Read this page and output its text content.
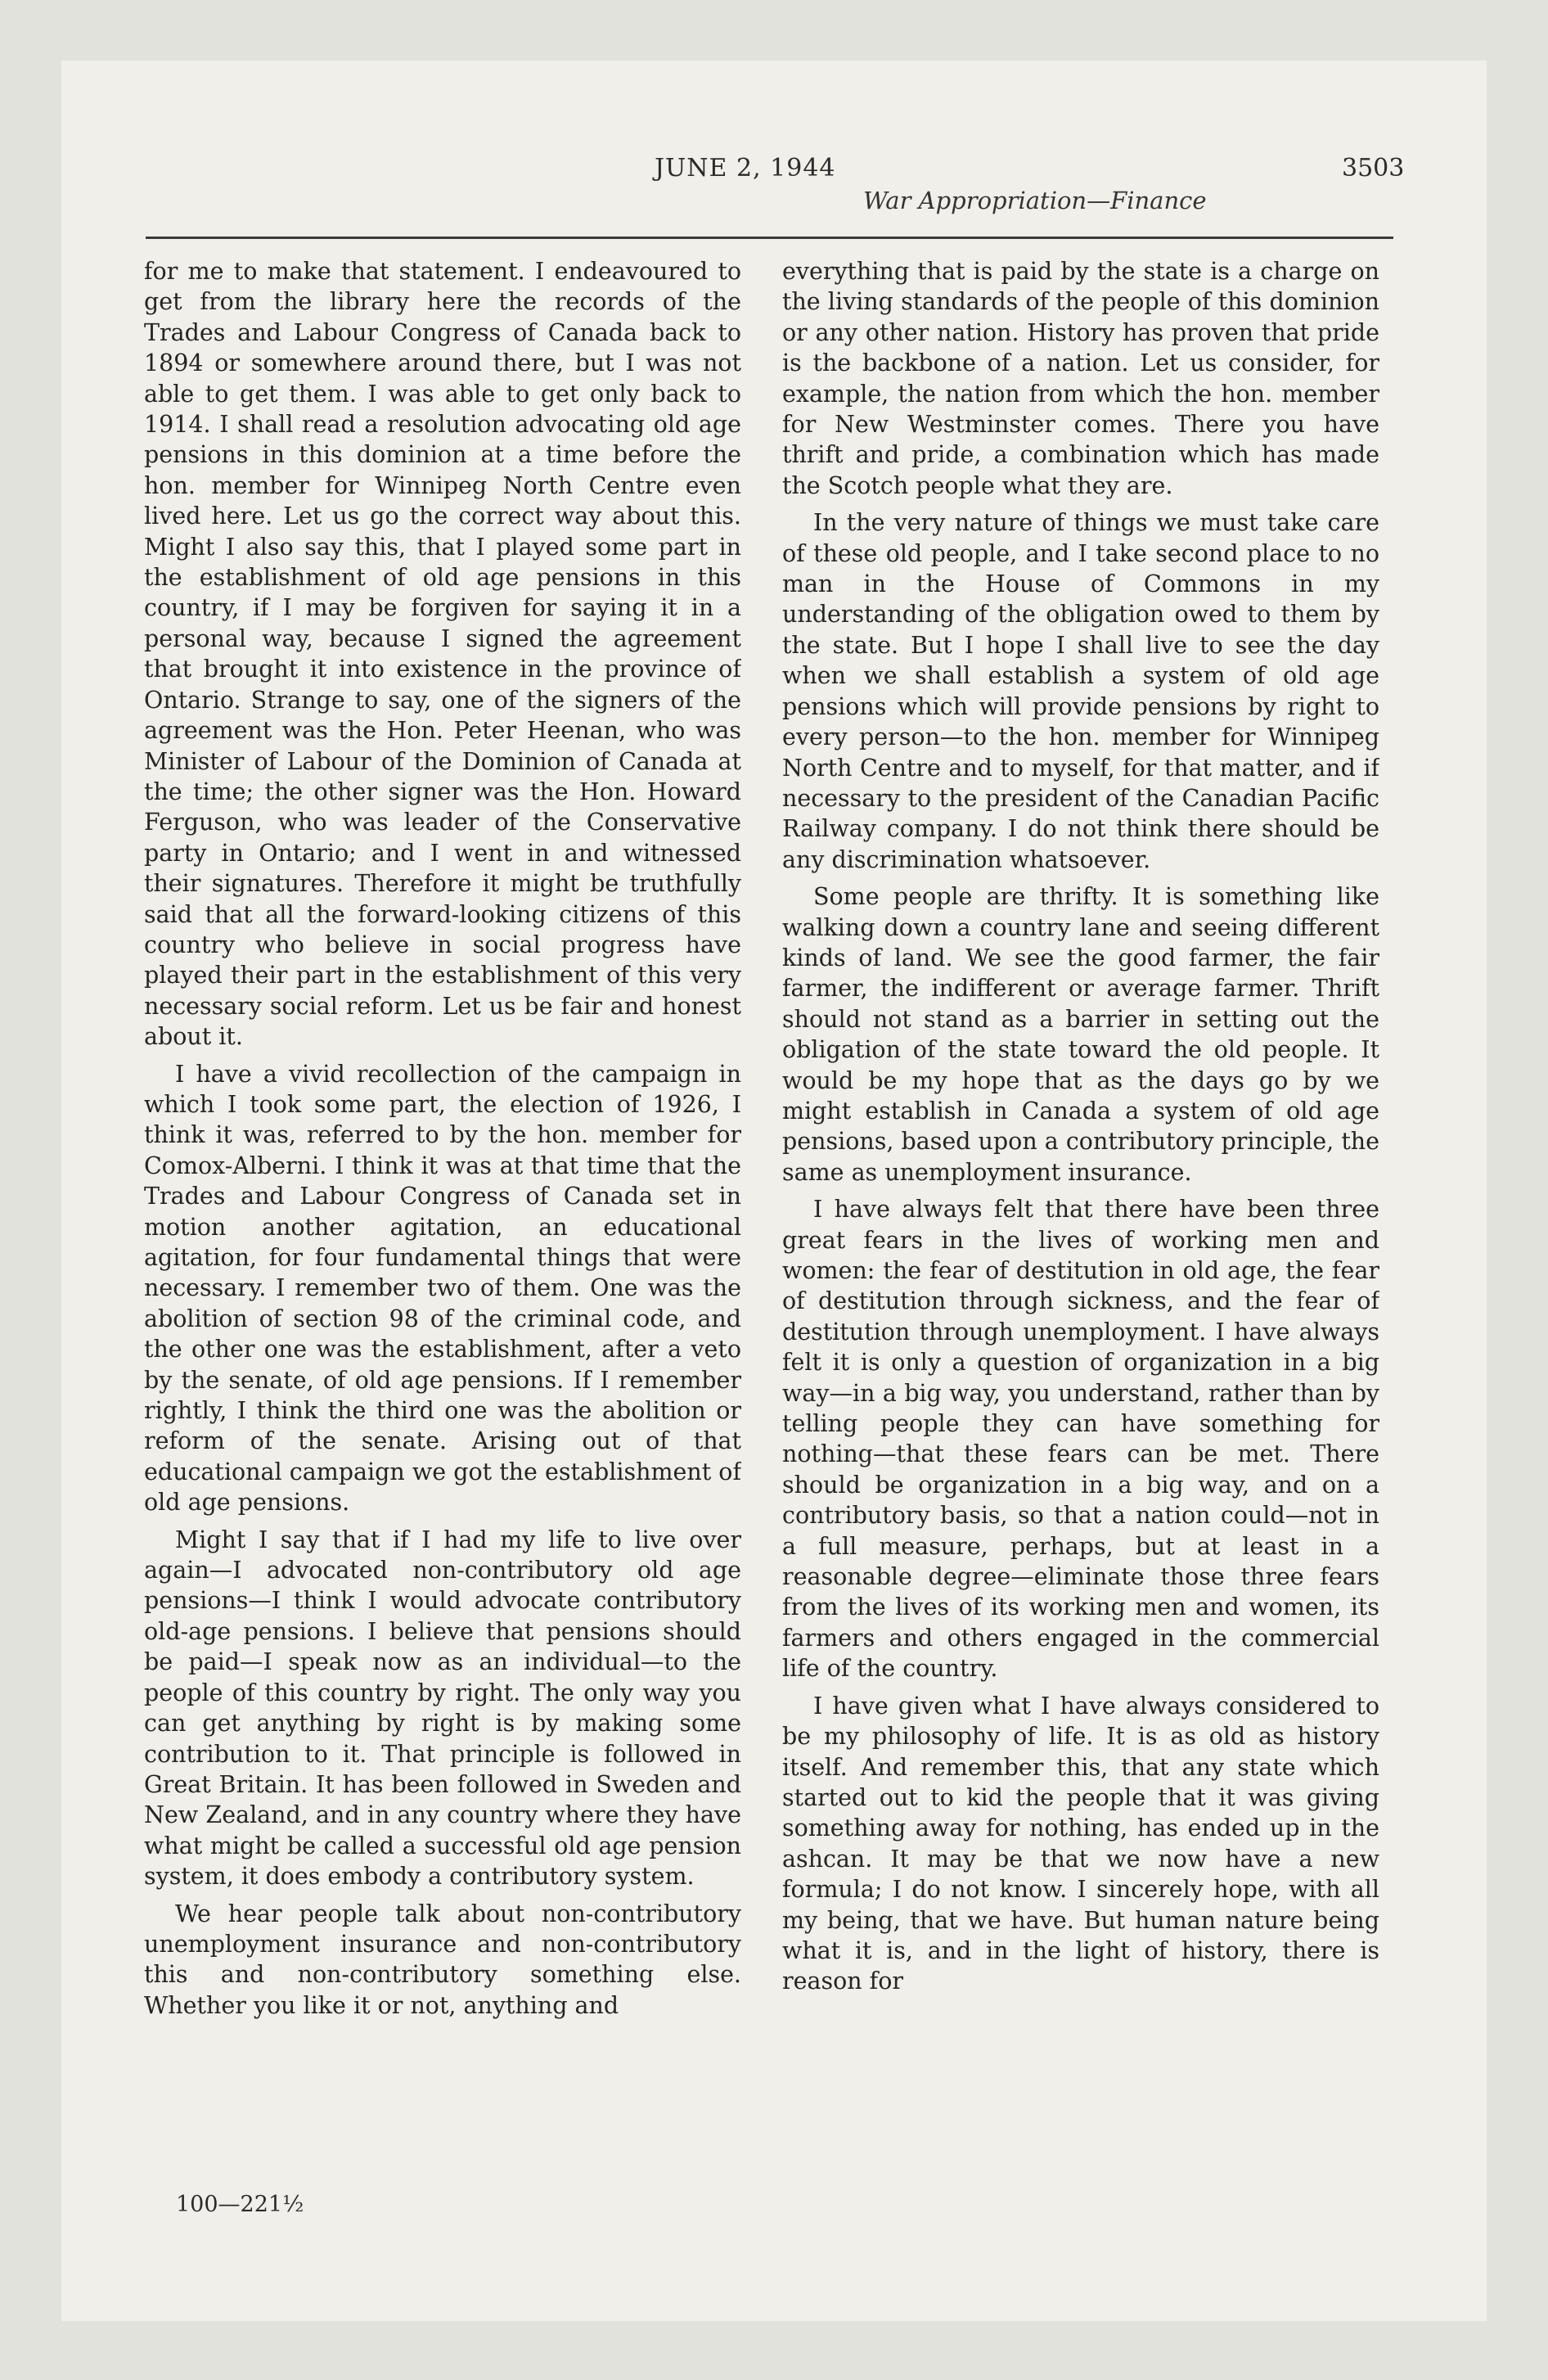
JUNE 2, 1944
War Appropriation—Finance
3503

for me to make that statement. I endeavoured to get from the library here the records of the Trades and Labour Congress of Canada back to 1894 or somewhere around there, but I was not able to get them. I was able to get only back to 1914. I shall read a resolution advocating old age pensions in this dominion at a time before the hon. member for Winnipeg North Centre even lived here. Let us go the correct way about this. Might I also say this, that I played some part in the establishment of old age pensions in this country, if I may be forgiven for saying it in a personal way, because I signed the agreement that brought it into existence in the province of Ontario. Strange to say, one of the signers of the agreement was the Hon. Peter Heenan, who was Minister of Labour of the Dominion of Canada at the time; the other signer was the Hon. Howard Ferguson, who was leader of the Conservative party in Ontario; and I went in and witnessed their signatures. Therefore it might be truthfully said that all the forward-looking citizens of this country who believe in social progress have played their part in the establishment of this very necessary social reform. Let us be fair and honest about it.

I have a vivid recollection of the campaign in which I took some part, the election of 1926, I think it was, referred to by the hon. member for Comox-Alberni. I think it was at that time that the Trades and Labour Congress of Canada set in motion another agitation, an educational agitation, for four fundamental things that were necessary. I remember two of them. One was the abolition of section 98 of the criminal code, and the other one was the establishment, after a veto by the senate, of old age pensions. If I remember rightly, I think the third one was the abolition or reform of the senate. Arising out of that educational campaign we got the establishment of old age pensions.

Might I say that if I had my life to live over again—I advocated non-contributory old age pensions—I think I would advocate contributory old-age pensions. I believe that pensions should be paid—I speak now as an individual—to the people of this country by right. The only way you can get anything by right is by making some contribution to it. That principle is followed in Great Britain. It has been followed in Sweden and New Zealand, and in any country where they have what might be called a successful old age pension system, it does embody a contributory system.

We hear people talk about non-contributory unemployment insurance and non-contributory this and non-contributory something else. Whether you like it or not, anything and

everything that is paid by the state is a charge on the living standards of the people of this dominion or any other nation. History has proven that pride is the backbone of a nation. Let us consider, for example, the nation from which the hon. member for New Westminster comes. There you have thrift and pride, a combination which has made the Scotch people what they are.

In the very nature of things we must take care of these old people, and I take second place to no man in the House of Commons in my understanding of the obligation owed to them by the state. But I hope I shall live to see the day when we shall establish a system of old age pensions which will provide pensions by right to every person—to the hon. member for Winnipeg North Centre and to myself, for that matter, and if necessary to the president of the Canadian Pacific Railway company. I do not think there should be any discrimination whatsoever.

Some people are thrifty. It is something like walking down a country lane and seeing different kinds of land. We see the good farmer, the fair farmer, the indifferent or average farmer. Thrift should not stand as a barrier in setting out the obligation of the state toward the old people. It would be my hope that as the days go by we might establish in Canada a system of old age pensions, based upon a contributory principle, the same as unemployment insurance.

I have always felt that there have been three great fears in the lives of working men and women: the fear of destitution in old age, the fear of destitution through sickness, and the fear of destitution through unemployment. I have always felt it is only a question of organization in a big way—in a big way, you understand, rather than by telling people they can have something for nothing—that these fears can be met. There should be organization in a big way, and on a contributory basis, so that a nation could—not in a full measure, perhaps, but at least in a reasonable degree—eliminate those three fears from the lives of its working men and women, its farmers and others engaged in the commercial life of the country.

I have given what I have always considered to be my philosophy of life. It is as old as history itself. And remember this, that any state which started out to kid the people that it was giving something away for nothing, has ended up in the ashcan. It may be that we now have a new formula; I do not know. I sincerely hope, with all my being, that we have. But human nature being what it is, and in the light of history, there is reason for

100—221½
